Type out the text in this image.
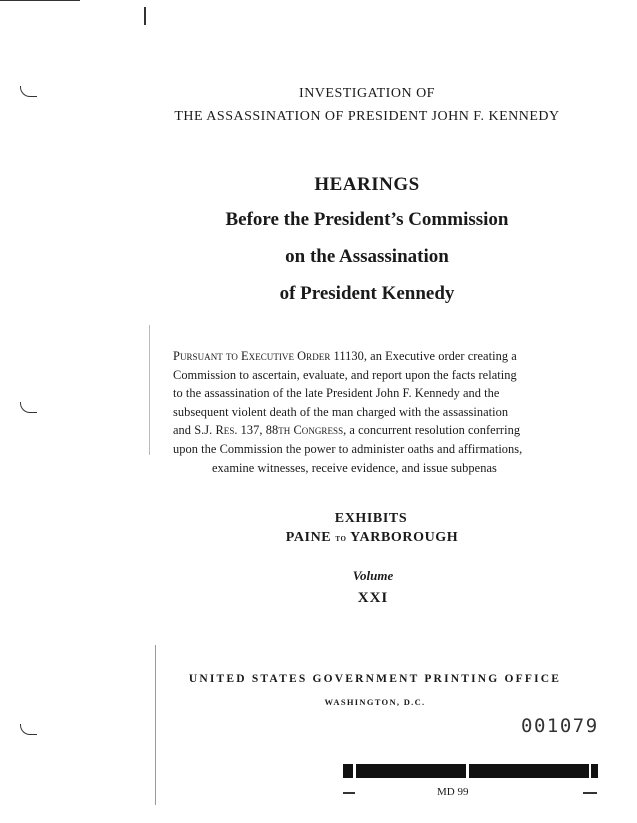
INVESTIGATION OF
THE ASSASSINATION OF PRESIDENT JOHN F. KENNEDY
HEARINGS
Before the President’s Commission
on the Assassination
of President Kennedy
Pursuant to Executive Order 11130, an Executive order creating a
Commission to ascertain, evaluate, and report upon the facts relating
to the assassination of the late President John F. Kennedy and the
subsequent violent death of the man charged with the assassination
and S.J. Res. 137, 88th Congress, a concurrent resolution conferring
upon the Commission the power to administer oaths and affirmations,
examine witnesses, receive evidence, and issue subpenas
EXHIBITS
PAINE to YARBOROUGH
Volume
XXI
UNITED STATES GOVERNMENT PRINTING OFFICE
WASHINGTON, D.C.
001079
MD 99
